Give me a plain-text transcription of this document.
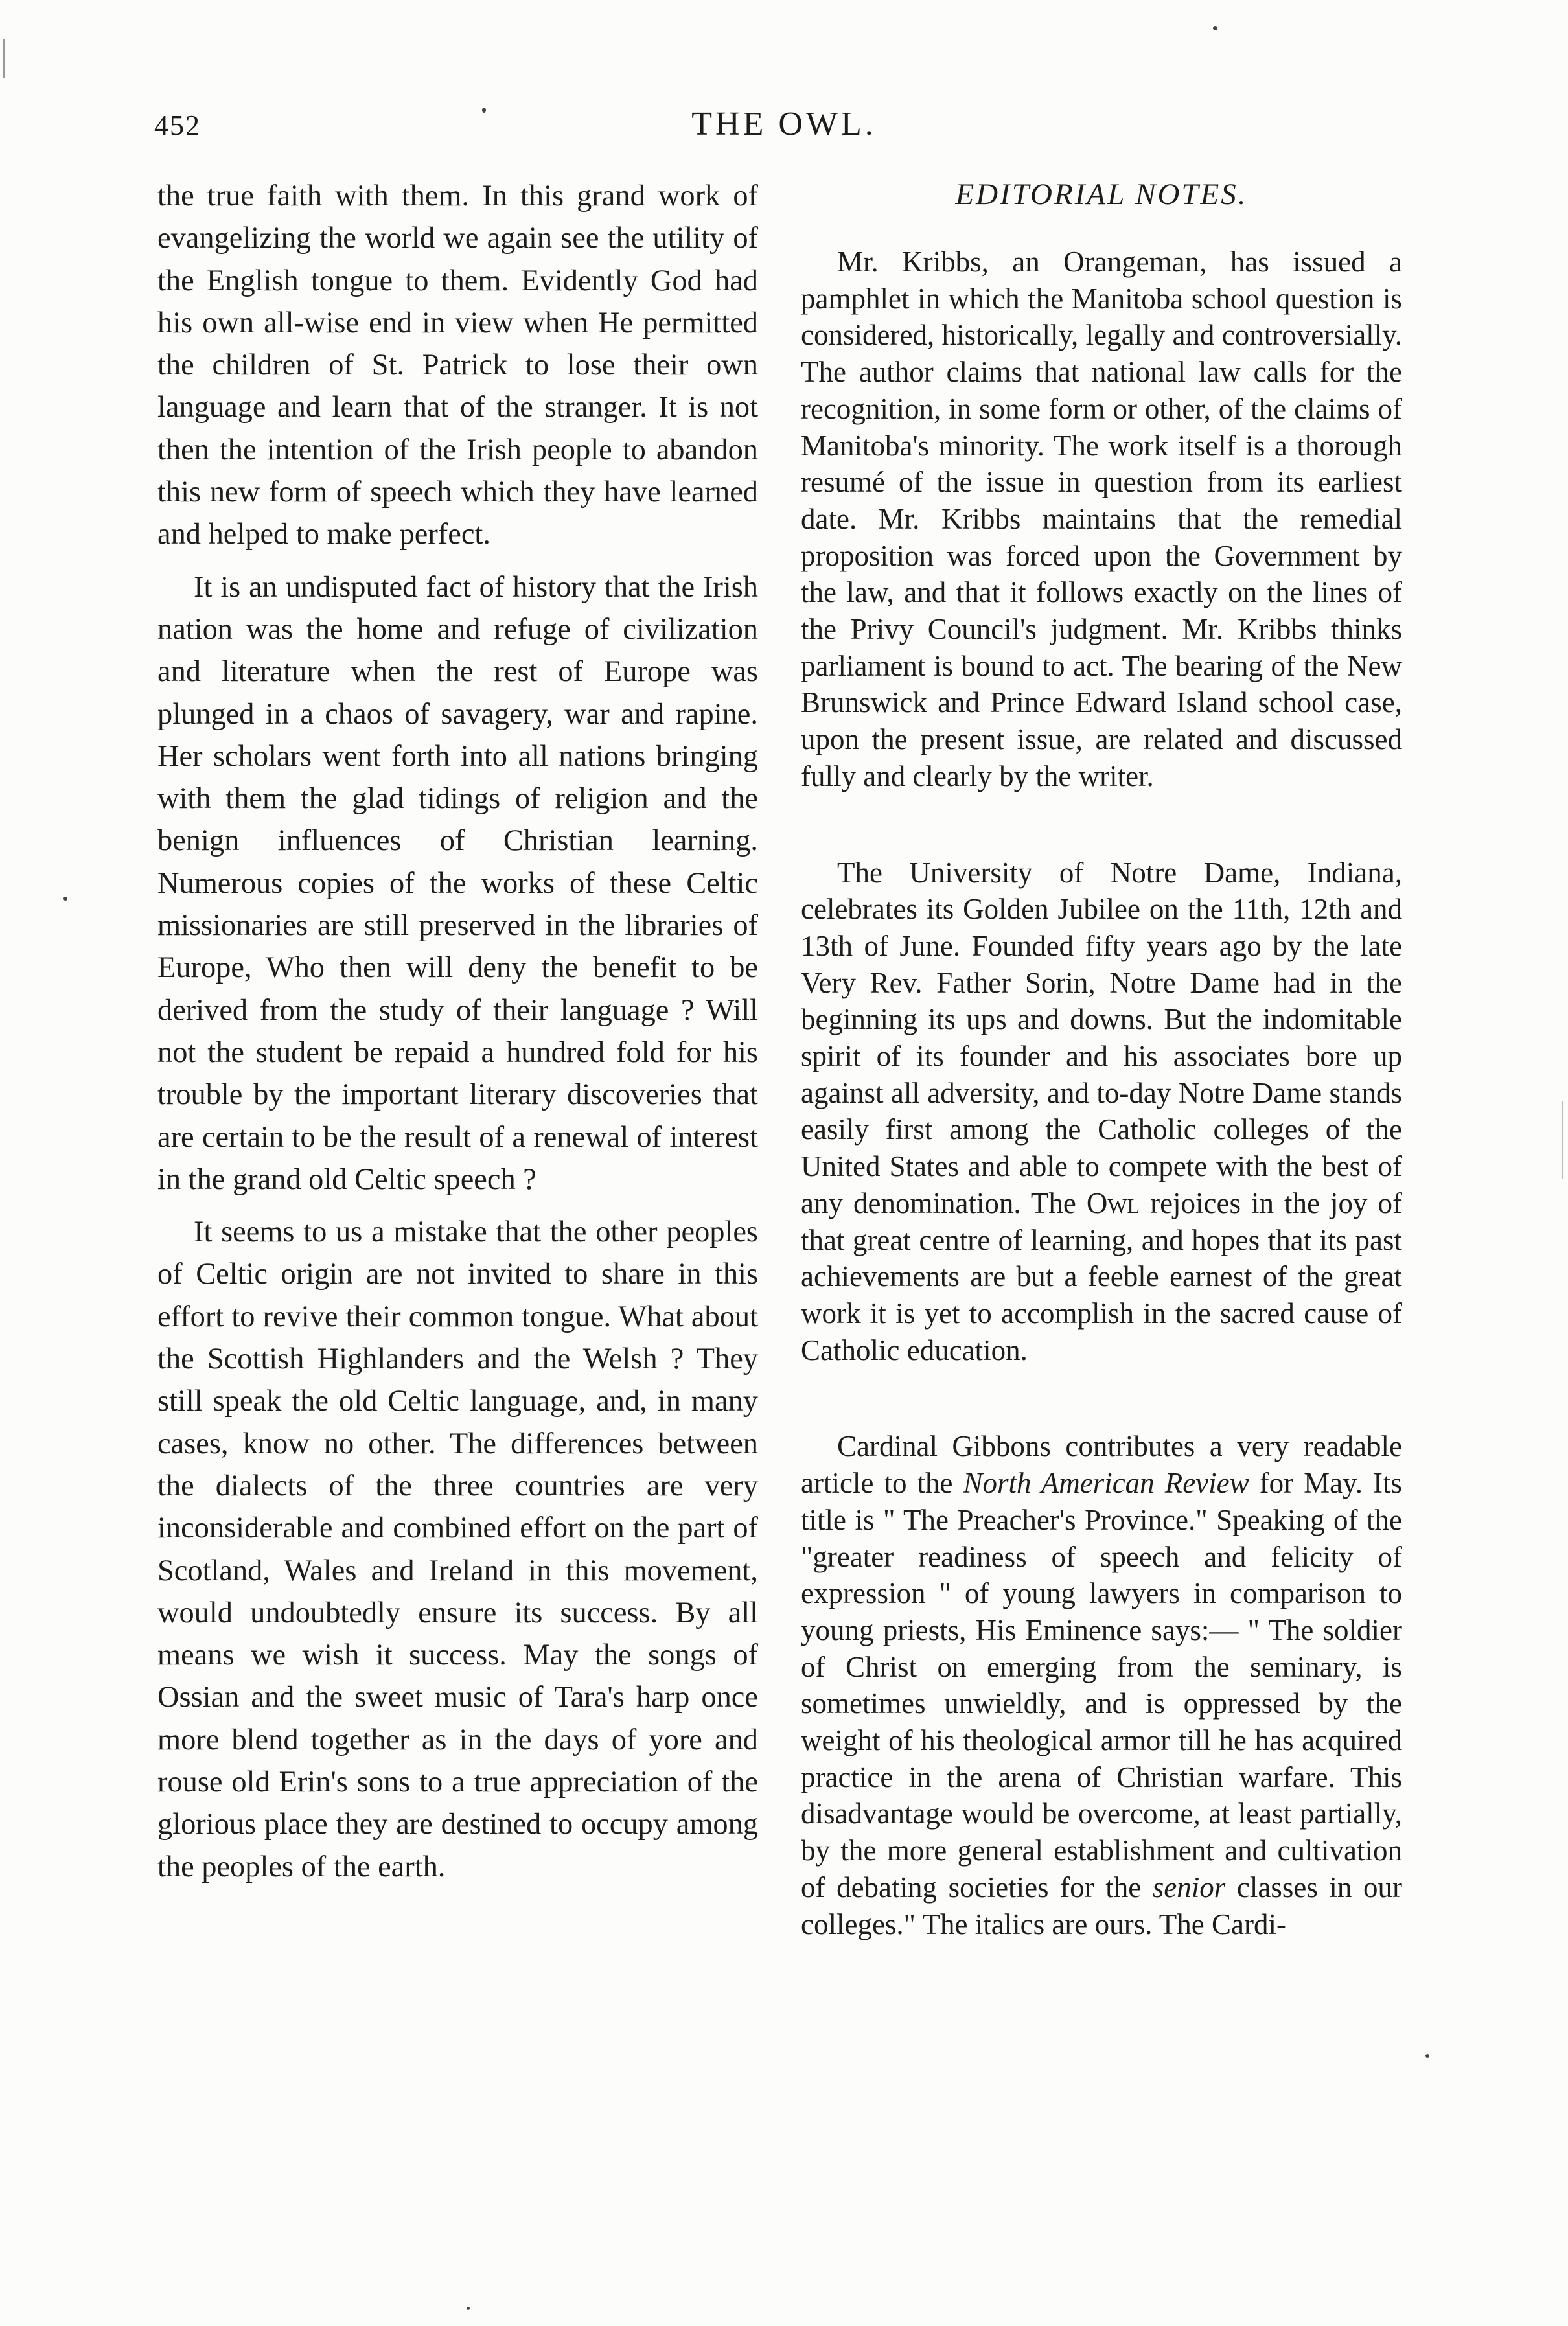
452	THE OWL.

the true faith with them. In this grand work of evangelizing the world we again see the utility of the English tongue to them. Evidently God had his own all-wise end in view when He permitted the children of St. Patrick to lose their own language and learn that of the stranger. It is not then the intention of the Irish people to abandon this new form of speech which they have learned and helped to make perfect.

It is an undisputed fact of history that the Irish nation was the home and refuge of civilization and literature when the rest of Europe was plunged in a chaos of savagery, war and rapine. Her scholars went forth into all nations bringing with them the glad tidings of religion and the benign influences of Christian learning. Numerous copies of the works of these Celtic missionaries are still preserved in the libraries of Europe, Who then will deny the benefit to be derived from the study of their language ? Will not the student be repaid a hundred fold for his trouble by the important literary discoveries that are certain to be the result of a renewal of interest in the grand old Celtic speech ?

It seems to us a mistake that the other peoples of Celtic origin are not invited to share in this effort to revive their common tongue. What about the Scottish Highlanders and the Welsh ? They still speak the old Celtic language, and, in many cases, know no other. The differences between the dialects of the three countries are very inconsiderable and combined effort on the part of Scotland, Wales and Ireland in this movement, would undoubtedly ensure its success. By all means we wish it success. May the songs of Ossian and the sweet music of Tara's harp once more blend together as in the days of yore and rouse old Erin's sons to a true appreciation of the glorious place they are destined to occupy among the peoples of the earth.

EDITORIAL NOTES.

Mr. Kribbs, an Orangeman, has issued a pamphlet in which the Manitoba school question is considered, historically, legally and controversially. The author claims that national law calls for the recognition, in some form or other, of the claims of Manitoba's minority. The work itself is a thorough resumé of the issue in question from its earliest date. Mr. Kribbs maintains that the remedial proposition was forced upon the Government by the law, and that it follows exactly on the lines of the Privy Council's judgment. Mr. Kribbs thinks parliament is bound to act. The bearing of the New Brunswick and Prince Edward Island school case, upon the present issue, are related and discussed fully and clearly by the writer.

The University of Notre Dame, Indiana, celebrates its Golden Jubilee on the 11th, 12th and 13th of June. Founded fifty years ago by the late Very Rev. Father Sorin, Notre Dame had in the beginning its ups and downs. But the indomitable spirit of its founder and his associates bore up against all adversity, and to-day Notre Dame stands easily first among the Catholic colleges of the United States and able to compete with the best of any denomination. The Owl rejoices in the joy of that great centre of learning, and hopes that its past achievements are but a feeble earnest of the great work it is yet to accomplish in the sacred cause of Catholic education.

Cardinal Gibbons contributes a very readable article to the North American Review for May. Its title is " The Preacher's Province." Speaking of the "greater readiness of speech and felicity of expression " of young lawyers in comparison to young priests, His Eminence says:— " The soldier of Christ on emerging from the seminary, is sometimes unwieldly, and is oppressed by the weight of his theological armor till he has acquired practice in the arena of Christian warfare. This disadvantage would be overcome, at least partially, by the more general establishment and cultivation of debating societies for the senior classes in our colleges." The italics are ours. The Cardi-
